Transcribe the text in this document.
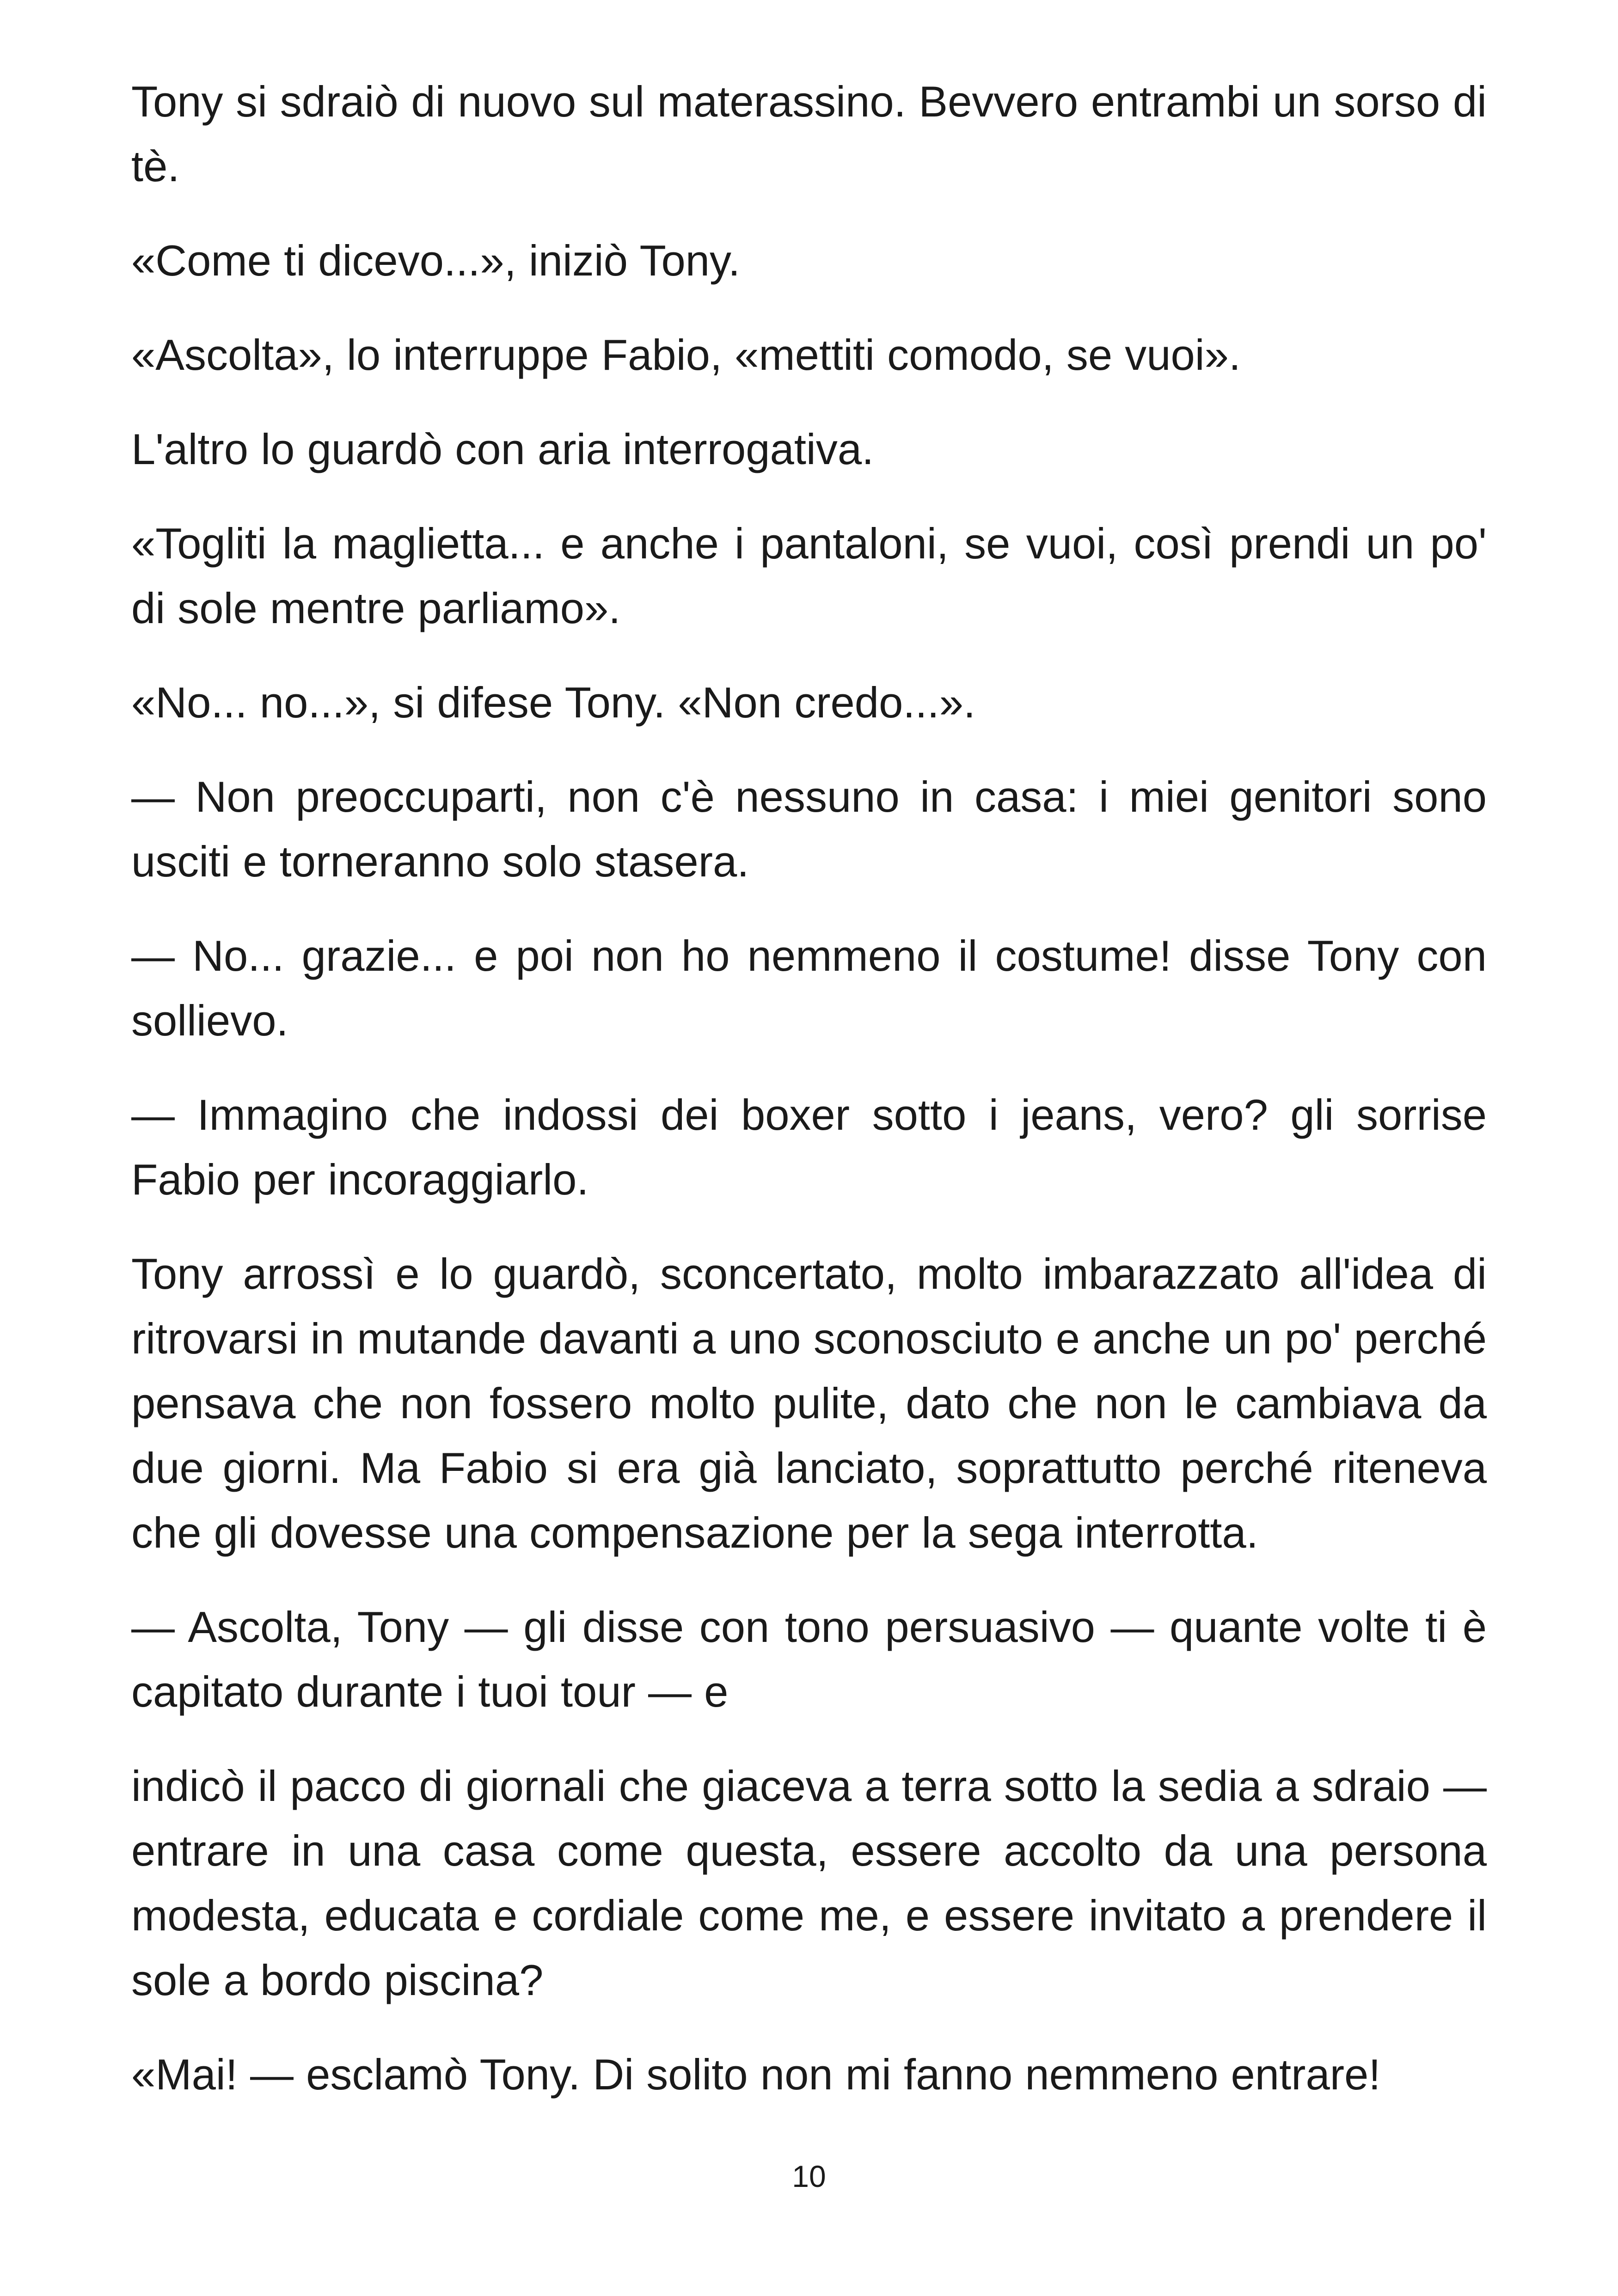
Tony si sdraiò di nuovo sul materassino. Bevvero entrambi un sorso di tè.

«Come ti dicevo...», iniziò Tony.

«Ascolta», lo interruppe Fabio, «mettiti comodo, se vuoi».

L'altro lo guardò con aria interrogativa.

«Togliti la maglietta... e anche i pantaloni, se vuoi, così prendi un po' di sole mentre parliamo».

«No... no...», si difese Tony. «Non credo...».

— Non preoccuparti, non c'è nessuno in casa: i miei genitori sono usciti e torneranno solo stasera.

— No... grazie... e poi non ho nemmeno il costume! disse Tony con sollievo.

— Immagino che indossi dei boxer sotto i jeans, vero? gli sorrise Fabio per incoraggiarlo.

Tony arrossì e lo guardò, sconcertato, molto imbarazzato all'idea di ritrovarsi in mutande davanti a uno sconosciuto e anche un po' perché pensava che non fossero molto pulite, dato che non le cambiava da due giorni. Ma Fabio si era già lanciato, soprattutto perché riteneva che gli dovesse una compensazione per la sega interrotta.

— Ascolta, Tony — gli disse con tono persuasivo — quante volte ti è capitato durante i tuoi tour — e

indicò il pacco di giornali che giaceva a terra sotto la sedia a sdraio — entrare in una casa come questa, essere accolto da una persona modesta, educata e cordiale come me, e essere invitato a prendere il sole a bordo piscina?

«Mai! — esclamò Tony. Di solito non mi fanno nemmeno entrare!

10
